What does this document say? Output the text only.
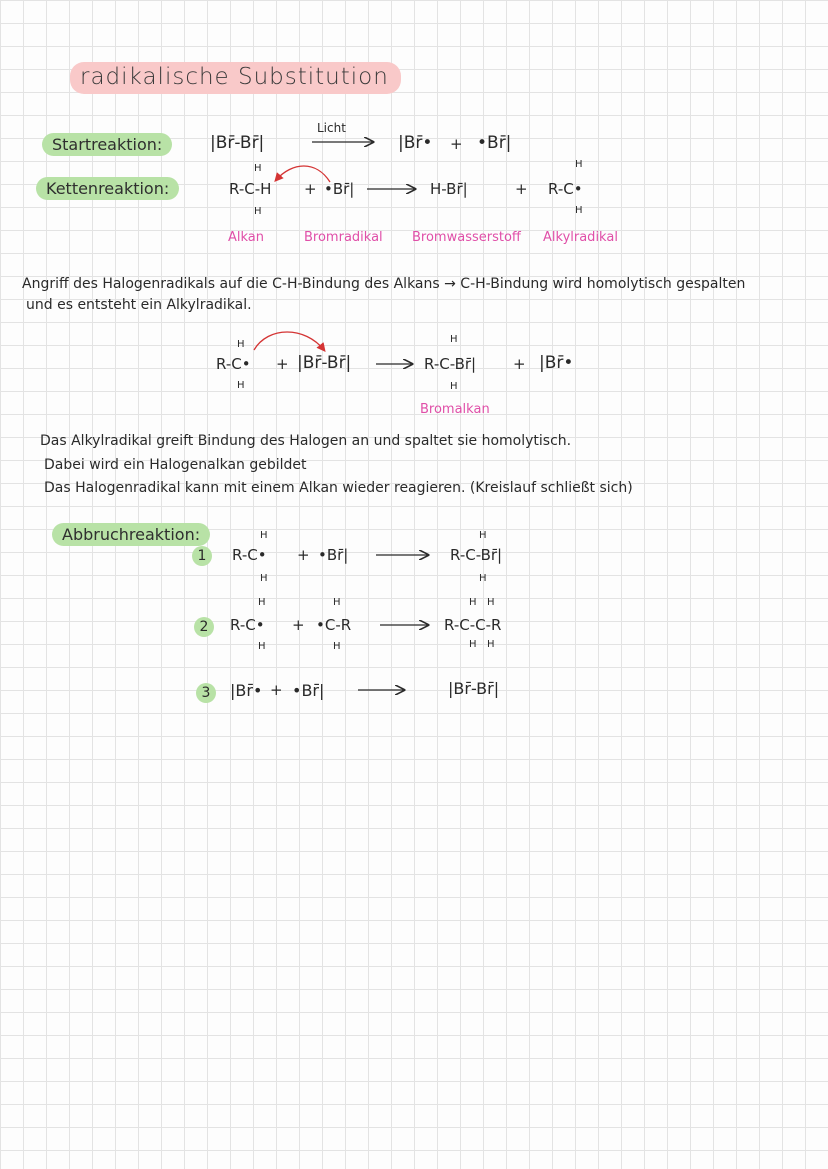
radikalische Substitution
Startreaktion:	|Br̄-Br̄|
Licht
|Br̄• + •Br̄|
Kettenreaktion:
H
R-C-H
H
+ •Br̄|	H-Br̄|	+
H
R-C•
H
Alkan	Bromradikal Bromwasserstoff Alkylradikal
Angriff des Halogenradikals auf die C-H-Bindung des Alkans → C-H-Bindung wird homolytisch gespalten
und es entsteht ein Alkylradikal.
H
R-C•
H
+ |Br̄-Br̄|
H
R-C-Br̄|
H
+ |Br̄•
Bromalkan
Das Alkylradikal greift Bindung des Halogen an und spaltet sie homolytisch.
Dabei wird ein Halogenalkan gebildet
Das Halogenradikal kann mit einem Alkan wieder reagieren. (Kreislauf schließt sich)
Abbruchreaktion:
1
H
R-C•
H
+ •Br̄|
H
R-C-Br̄|
H
2
H
R-C•
H
+
H
•C-R
H
H H
R-C-C-R
H H
3	|Br̄• + •Br̄|	|Br̄-Br̄|
